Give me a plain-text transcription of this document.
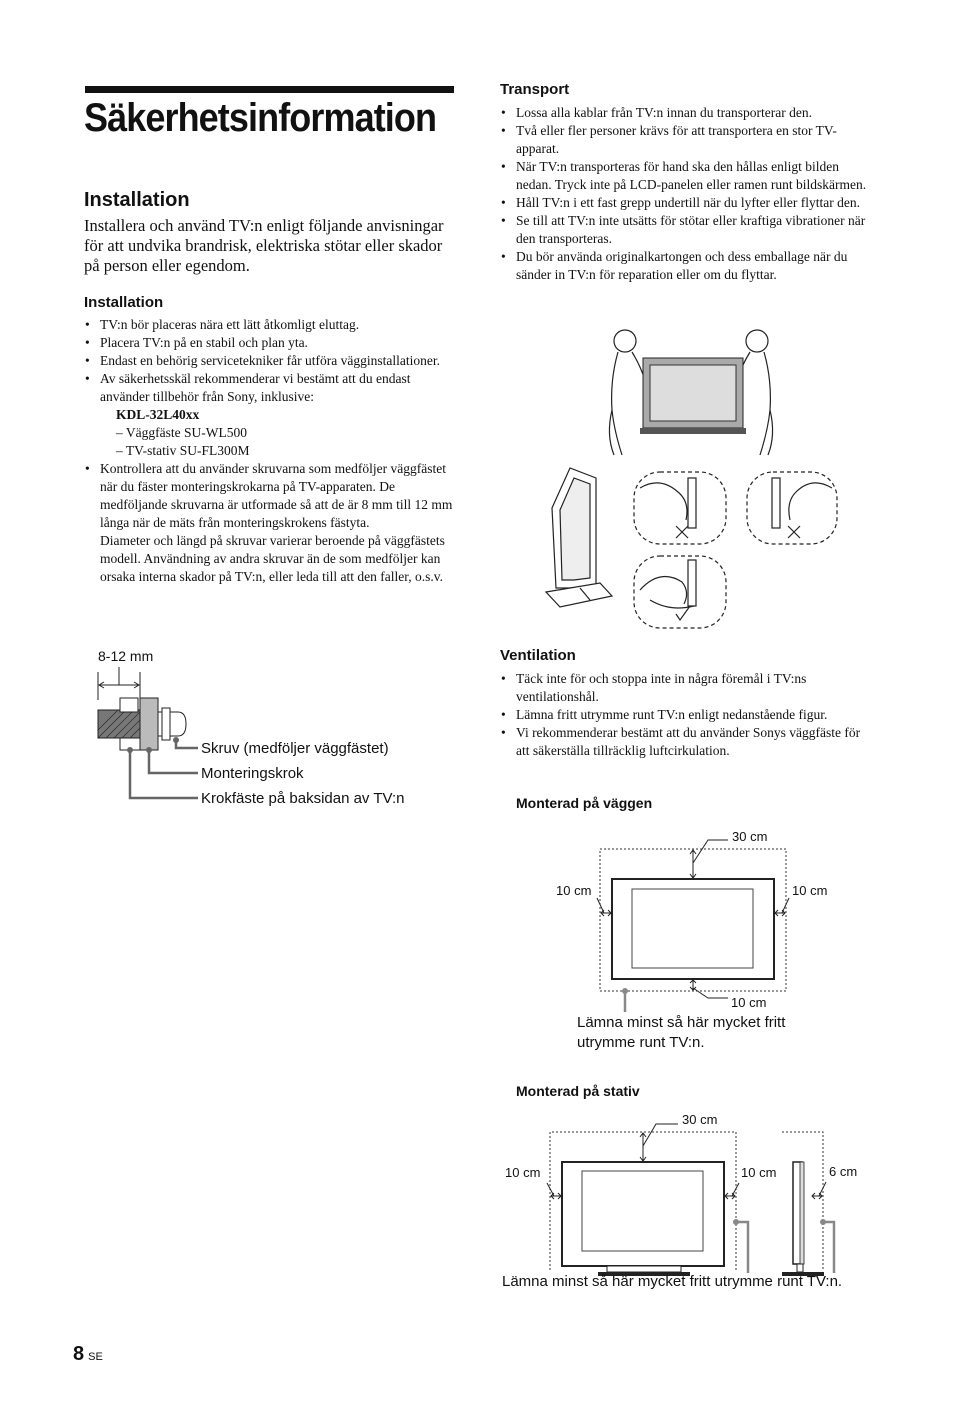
Säkerhetsinformation
Installation
Installera och använd TV:n enligt följande anvisningar för att undvika brandrisk, elektriska stötar eller skador på person eller egendom.
Installation
• TV:n bör placeras nära ett lätt åtkomligt eluttag.
• Placera TV:n på en stabil och plan yta.
• Endast en behörig servicetekniker får utföra vägginstallationer.
• Av säkerhetsskäl rekommenderar vi bestämt att du endast använder tillbehör från Sony, inklusive:
KDL-32L40xx
– Väggfäste SU-WL500
– TV-stativ SU-FL300M
• Kontrollera att du använder skruvarna som medföljer väggfästet när du fäster monteringskrokarna på TV-apparaten. De medföljande skruvarna är utformade så att de är 8 mm till 12 mm långa när de mäts från monteringskrokens fästyta.
Diameter och längd på skruvar varierar beroende på väggfästets modell. Användning av andra skruvar än de som medföljer kan orsaka interna skador på TV:n, eller leda till att den faller, o.s.v.
8-12 mm
Skruv (medföljer väggfästet)
Monteringskrok
Krokfäste på baksidan av TV:n
Transport
• Lossa alla kablar från TV:n innan du transporterar den.
• Två eller fler personer krävs för att transportera en stor TV-apparat.
• När TV:n transporteras för hand ska den hållas enligt bilden nedan. Tryck inte på LCD-panelen eller ramen runt bildskärmen.
• Håll TV:n i ett fast grepp undertill när du lyfter eller flyttar den.
• Se till att TV:n inte utsätts för stötar eller kraftiga vibrationer när den transporteras.
• Du bör använda originalkartongen och dess emballage när du sänder in TV:n för reparation eller om du flyttar.
Ventilation
• Täck inte för och stoppa inte in några föremål i TV:ns ventilationshål.
• Lämna fritt utrymme runt TV:n enligt nedanstående figur.
• Vi rekommenderar bestämt att du använder Sonys väggfäste för att säkerställa tillräcklig luftcirkulation.
Monterad på väggen
30 cm
10 cm	10 cm
10 cm
Lämna minst så här mycket fritt
utrymme runt TV:n.
Monterad på stativ
30 cm
10 cm	10 cm	6 cm
Lämna minst så här mycket fritt utrymme runt TV:n.
8 SE
